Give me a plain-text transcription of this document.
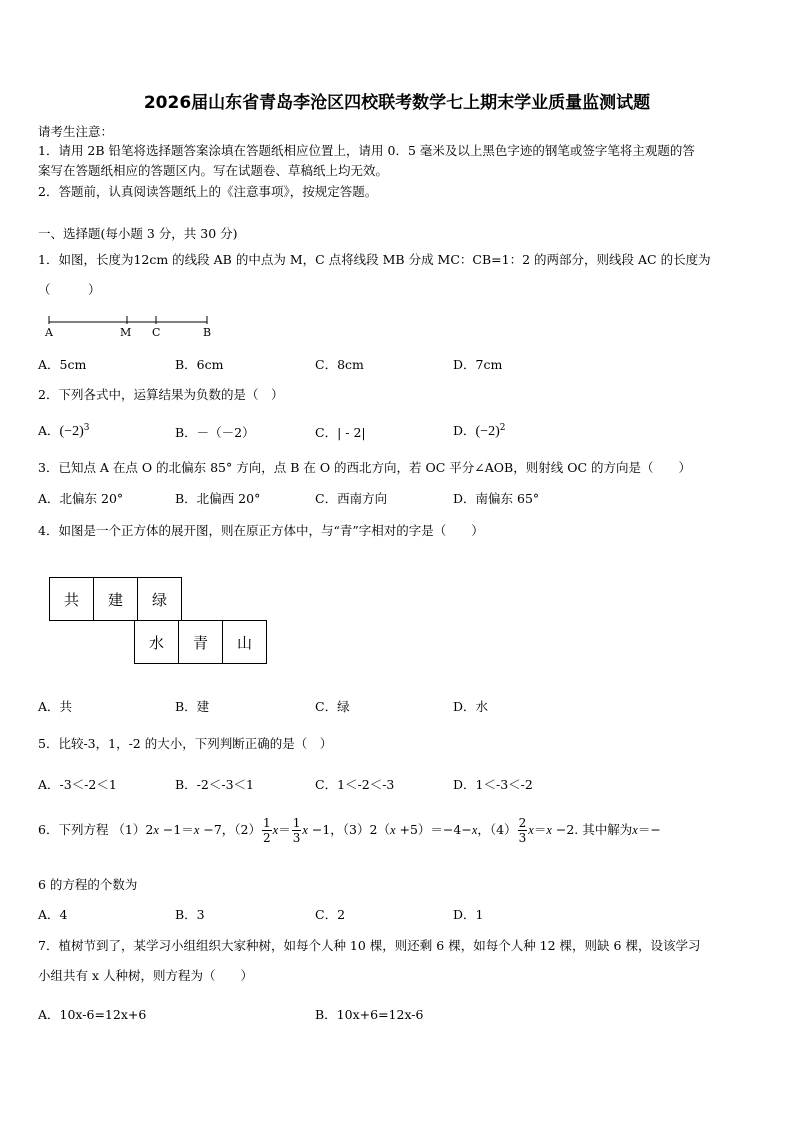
2026届山东省青岛李沧区四校联考数学七上期末学业质量监测试题
请考生注意：
1．请用 2B 铅笔将选择题答案涂填在答题纸相应位置上，请用 0．5 毫米及以上黑色字迹的钢笔或签字笔将主观题的答
案写在答题纸相应的答题区内。写在试题卷、草稿纸上均无效。
2．答题前，认真阅读答题纸上的《注意事项》，按规定答题。
一、选择题(每小题 3 分，共 30 分)
1．如图，长度为12cm 的线段 AB 的中点为 M，C 点将线段 MB 分成 MC：CB=1：2 的两部分，则线段 AC 的长度为
（　　　）
A	M C	B
A．5cm	B．6cm	C．8cm	D．7cm
2．下列各式中，运算结果为负数的是（　）
A．$(-2)^3$	B．－（－2）	C．| - 2|	D．$(-2)^2$
3．已知点 A 在点 O 的北偏东 85° 方向，点 B 在 O 的西北方向，若 OC 平分∠AOB，则射线 OC 的方向是（　　）
A．北偏东 20°	B．北偏西 20°	C．西南方向	D．南偏东 65°
4．如图是一个正方体的展开图，则在原正方体中，与“青”字相对的字是（　　）
共	建	绿
水	青	山
A．共	B．建	C．绿	D．水
5．比较-3，1，-2 的大小，下列判断正确的是（　）
A．-3＜-2＜1	B．-2＜-3＜1	C．1＜-2＜-3	D．1＜-3＜-2
6．下列方程 （1）2x −1＝x −7，$(2) \frac{1}{2} x= \frac{1}{3}$ x −1，（3）2（x +5）＝−4−x，$(4) \frac{2}{3} x=x -2$. 其中解为x＝−
6 的方程的个数为
A．4	B．3	C．2	D．1
7．植树节到了，某学习小组组织大家种树，如每个人种 10 棵，则还剩 6 棵，如每个人种 12 棵，则缺 6 棵，设该学习
小组共有 x 人种树，则方程为（　　）
A．10x-6=12x+6	B．10x+6=12x-6
